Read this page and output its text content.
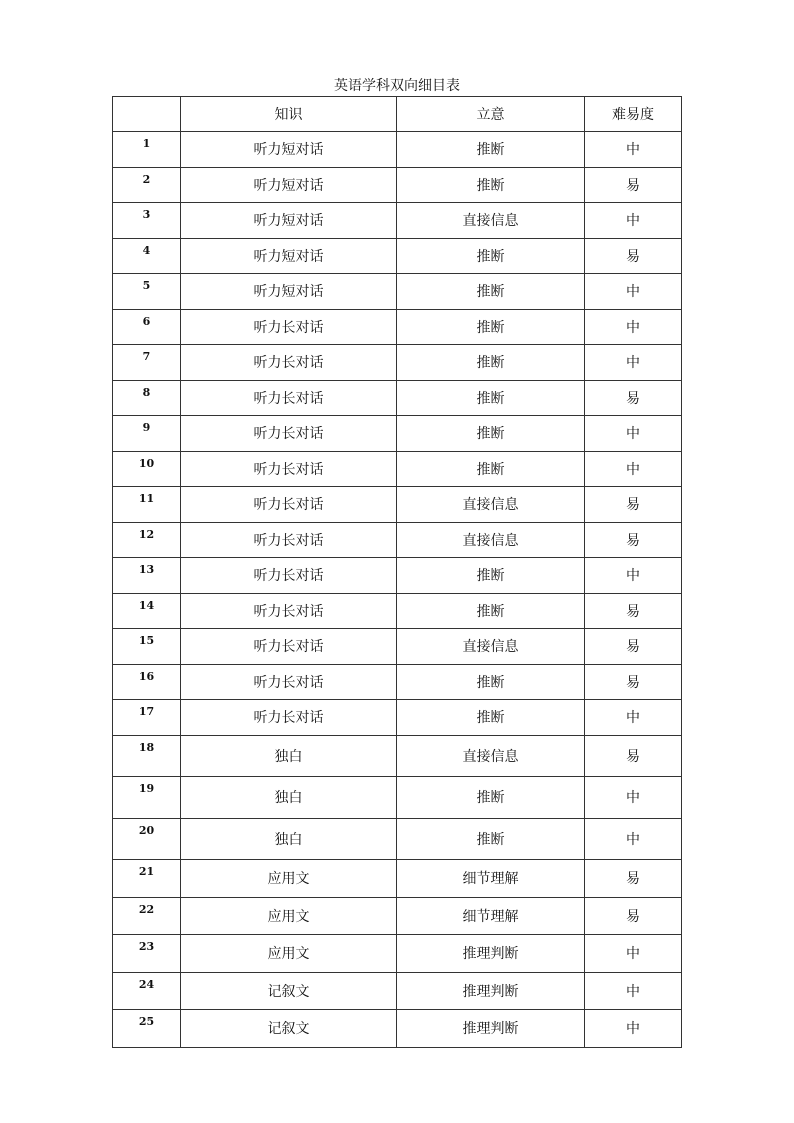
英语学科双向细目表
	知识	立意	难易度
1	听力短对话	推断	中
2	听力短对话	推断	易
3	听力短对话	直接信息	中
4	听力短对话	推断	易
5	听力短对话	推断	中
6	听力长对话	推断	中
7	听力长对话	推断	中
8	听力长对话	推断	易
9	听力长对话	推断	中
10	听力长对话	推断	中
11	听力长对话	直接信息	易
12	听力长对话	直接信息	易
13	听力长对话	推断	中
14	听力长对话	推断	易
15	听力长对话	直接信息	易
16	听力长对话	推断	易
17	听力长对话	推断	中
18	独白	直接信息	易
19	独白	推断	中
20	独白	推断	中
21	应用文	细节理解	易
22	应用文	细节理解	易
23	应用文	推理判断	中
24	记叙文	推理判断	中
25	记叙文	推理判断	中
